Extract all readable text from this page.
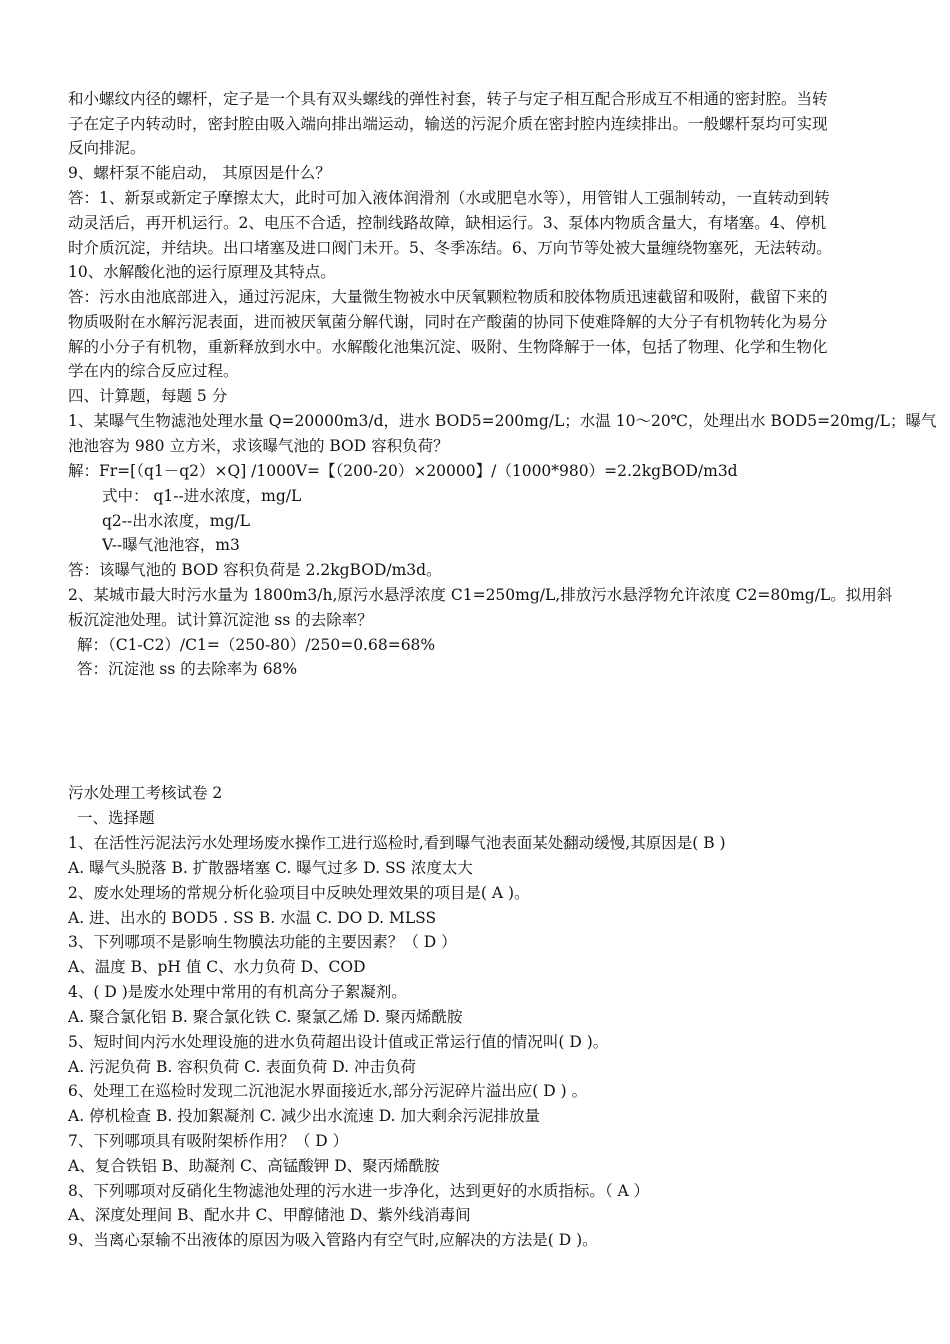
和小螺纹内径的螺杆，定子是一个具有双头螺线的弹性衬套，转子与定子相互配合形成互不相通的密封腔。当转
子在定子内转动时，密封腔由吸入端向排出端运动，输送的污泥介质在密封腔内连续排出。一般螺杆泵均可实现
反向排泥。
9、螺杆泵不能启动， 其原因是什么？
答：1、新泵或新定子摩擦太大，此时可加入液体润滑剂（水或肥皂水等），用管钳人工强制转动，一直转动到转
动灵活后，再开机运行。2、电压不合适，控制线路故障，缺相运行。3、泵体内物质含量大，有堵塞。4、停机
时介质沉淀，并结块。出口堵塞及进口阀门未开。5、冬季冻结。6、万向节等处被大量缠绕物塞死，无法转动。
10、水解酸化池的运行原理及其特点。
答：污水由池底部进入，通过污泥床，大量微生物被水中厌氧颗粒物质和胶体物质迅速截留和吸附，截留下来的
物质吸附在水解污泥表面，进而被厌氧菌分解代谢，同时在产酸菌的协同下使难降解的大分子有机物转化为易分
解的小分子有机物，重新释放到水中。水解酸化池集沉淀、吸附、生物降解于一体，包括了物理、化学和生物化
学在内的综合反应过程。
四、计算题，每题 5 分
1、某曝气生物滤池处理水量 Q=20000m3/d，进水 BOD5=200mg/L；水温 10～20℃，处理出水 BOD5=20mg/L；曝气
池池容为 980 立方米，求该曝气池的 BOD 容积负荷？
解：Fr=[（q1－q2）×Q] /1000V=【（200-20）×20000】/（1000*980）=2.2kgBOD/m3d
式中： q1--进水浓度，mg/L
q2--出水浓度，mg/L
V--曝气池池容，m3
答：该曝气池的 BOD 容积负荷是 2.2kgBOD/m3d。
2、某城市最大时污水量为 1800m3/h,原污水悬浮浓度 C1=250mg/L,排放污水悬浮物允许浓度 C2=80mg/L。拟用斜
板沉淀池处理。试计算沉淀池 ss 的去除率？
解：（C1-C2）/C1=（250-80）/250=0.68=68%
答：沉淀池 ss 的去除率为 68%
污水处理工考核试卷 2
一、选择题
1、在活性污泥法污水处理场废水操作工进行巡检时,看到曝气池表面某处翻动缓慢,其原因是( B )
A. 曝气头脱落 B. 扩散器堵塞 C. 曝气过多 D. SS 浓度太大
2、废水处理场的常规分析化验项目中反映处理效果的项目是( A )。
A. 进、出水的 BOD5 . SS B. 水温 C. DO D. MLSS
3、下列哪项不是影响生物膜法功能的主要因素？（ D ）
A、温度 B、pH 值 C、水力负荷 D、COD
4、( D )是废水处理中常用的有机高分子絮凝剂。
A. 聚合氯化铝 B. 聚合氯化铁 C. 聚氯乙烯 D. 聚丙烯酰胺
5、短时间内污水处理设施的进水负荷超出设计值或正常运行值的情况叫( D )。
A. 污泥负荷 B. 容积负荷 C. 表面负荷 D. 冲击负荷
6、处理工在巡检时发现二沉池泥水界面接近水,部分污泥碎片溢出应( D ) 。
A. 停机检查 B. 投加絮凝剂 C. 减少出水流速 D. 加大剩余污泥排放量
7、下列哪项具有吸附架桥作用？（ D ）
A、复合铁铝 B、助凝剂 C、高锰酸钾 D、聚丙烯酰胺
8、下列哪项对反硝化生物滤池处理的污水进一步净化，达到更好的水质指标。（ A ）
A、深度处理间 B、配水井 C、甲醇储池 D、紫外线消毒间
9、当离心泵输不出液体的原因为吸入管路内有空气时,应解决的方法是( D )。
